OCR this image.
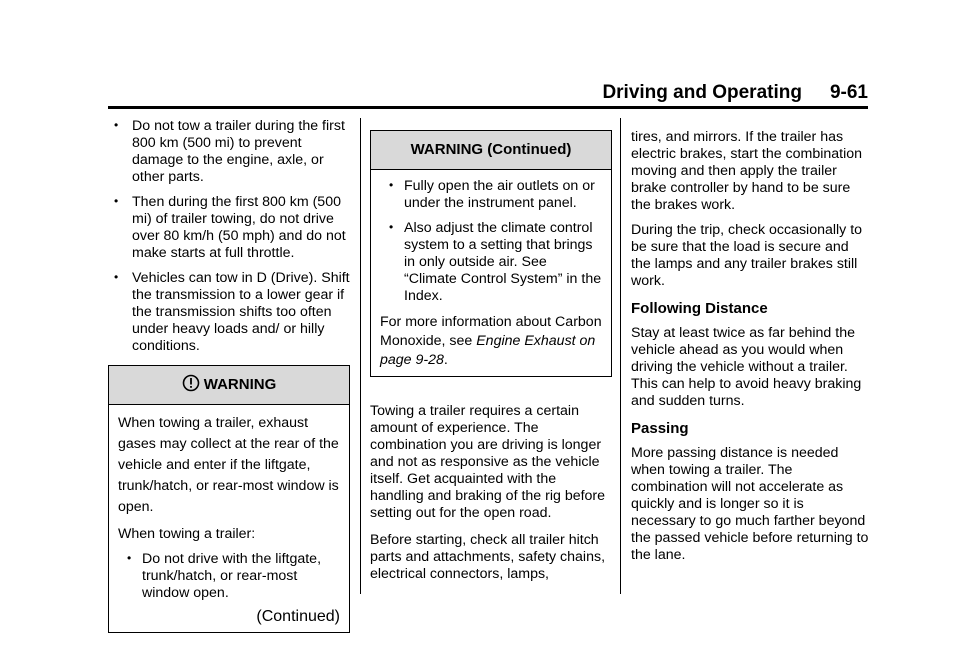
Driving and Operating 9-61
• Do not tow a trailer during the first 800 km (500 mi) to prevent damage to the engine, axle, or other parts.
• Then during the first 800 km (500 mi) of trailer towing, do not drive over 80 km/h (50 mph) and do not make starts at full throttle.
• Vehicles can tow in D (Drive). Shift the transmission to a lower gear if the transmission shifts too often under heavy loads and/ or hilly conditions.
WARNING

When towing a trailer, exhaust gases may collect at the rear of the vehicle and enter if the liftgate, trunk/hatch, or rear-most window is open.

When towing a trailer:

• Do not drive with the liftgate, trunk/hatch, or rear-most window open.
(Continued)
WARNING (Continued)
• Fully open the air outlets on or under the instrument panel.
• Also adjust the climate control system to a setting that brings in only outside air. See “Climate Control System” in the Index.

For more information about Carbon Monoxide, see Engine Exhaust on page 9-28.

Towing a trailer requires a certain amount of experience. The combination you are driving is longer and not as responsive as the vehicle itself. Get acquainted with the handling and braking of the rig before setting out for the open road.

Before starting, check all trailer hitch parts and attachments, safety chains, electrical connectors, lamps,

tires, and mirrors. If the trailer has electric brakes, start the combination moving and then apply the trailer brake controller by hand to be sure the brakes work.

During the trip, check occasionally to be sure that the load is secure and the lamps and any trailer brakes still work.

Following Distance

Stay at least twice as far behind the vehicle ahead as you would when driving the vehicle without a trailer. This can help to avoid heavy braking and sudden turns.

Passing

More passing distance is needed when towing a trailer. The combination will not accelerate as quickly and is longer so it is necessary to go much farther beyond the passed vehicle before returning to the lane.
